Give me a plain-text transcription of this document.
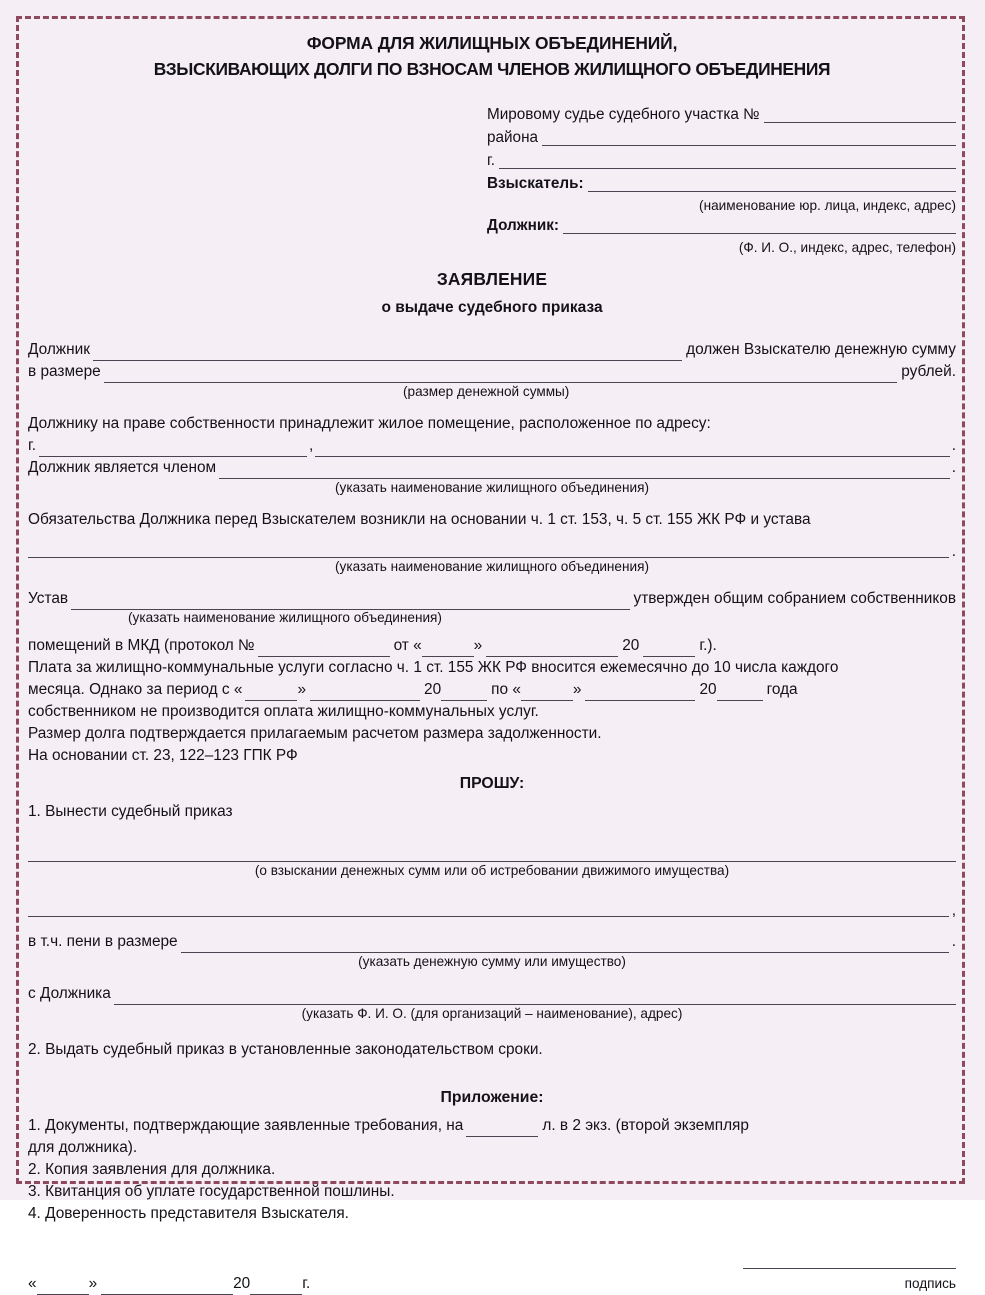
ФОРМА ДЛЯ ЖИЛИЩНЫХ ОБЪЕДИНЕНИЙ,
ВЗЫСКИВАЮЩИХ ДОЛГИ ПО ВЗНОСАМ ЧЛЕНОВ ЖИЛИЩНОГО ОБЪЕДИНЕНИЯ
Мировому судье судебного участка №
района
г.
Взыскатель:
(наименование юр. лица, индекс, адрес)
Должник:
(Ф. И. О., индекс, адрес, телефон)
ЗАЯВЛЕНИЕ
о выдаче судебного приказа
Должник	должен Взыскателю денежную сумму
в размере	рублей.
(размер денежной суммы)
Должнику на праве собственности принадлежит жилое помещение, расположенное по адресу:
г.	,	.
Должник является членом	.
(указать наименование жилищного объединения)
Обязательства Должника перед Взыскателем возникли на основании ч. 1 ст. 153, ч. 5 ст. 155 ЖК РФ и устава
.
(указать наименование жилищного объединения)
Устав	утвержден общим собранием собственников
(указать наименование жилищного объединения)
помещений в МКД (протокол №	от «	»	20	г.).
Плата за жилищно-коммунальные услуги согласно ч. 1 ст. 155 ЖК РФ вносится ежемесячно до 10 числа каждого
месяца. Однако за период с «	»	20	по «	»	20	года
собственником не производится оплата жилищно-коммунальных услуг.
Размер долга подтверждается прилагаемым расчетом размера задолженности.
На основании ст. 23, 122–123 ГПК РФ
ПРОШУ:
1. Вынести судебный приказ
(о взыскании денежных сумм или об истребовании движимого имущества)
,
в т.ч. пени в размере	.
(указать денежную сумму или имущество)
с Должника
(указать Ф. И. О. (для организаций – наименование), адрес)
2. Выдать судебный приказ в установленные законодательством сроки.
Приложение:
1. Документы, подтверждающие заявленные требования, на	л. в 2 экз. (второй экземпляр
для должника).
2. Копия заявления для должника.
3. Квитанция об уплате государственной пошлины.
4. Доверенность представителя Взыскателя.
«	»	20	г.	подпись
